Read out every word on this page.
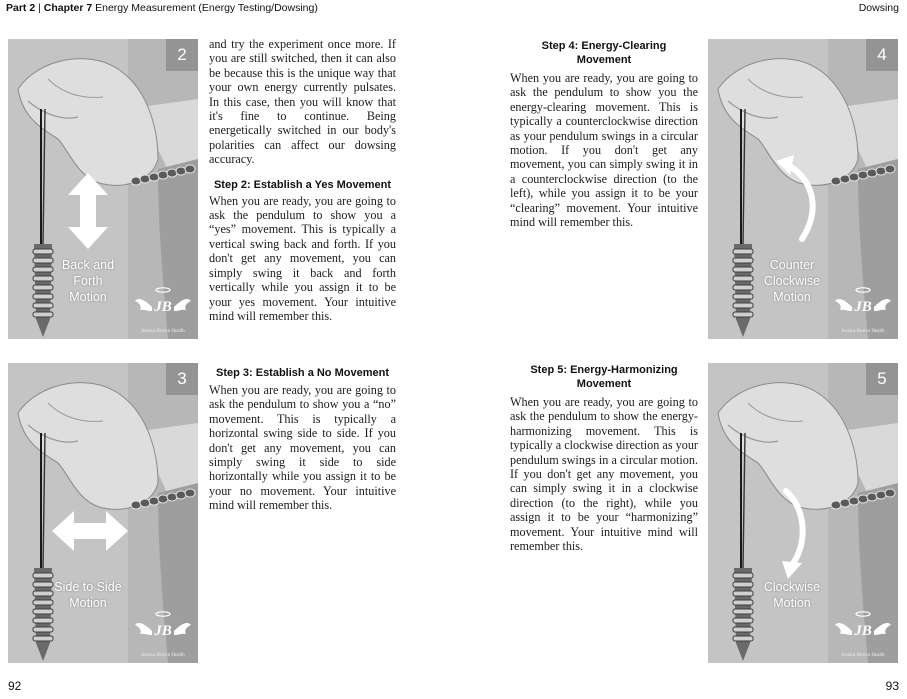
Part 2 | Chapter 7 Energy Measurement (Energy Testing/Dowsing)	Dowsing
2
Back and
Forth
Motion
JB
Jessica Brown Health
4
Counter
Clockwise
Motion
JB
Jessica Brown Health
3
Side to Side
Motion
JB
Jessica Brown Health
5
Clockwise
Motion
JB
Jessica Brown Health

and try the experiment once more. If you are still switched, then it can also be because this is the unique way that your own energy currently pulsates. In this case, then you will know that it's fine to continue. Being energetically switched in our body's polarities can affect our dowsing accuracy.

Step 2: Establish a Yes Movement

When you are ready, you are going to ask the pendulum to show you a “yes” movement. This is typically a vertical swing back and forth. If you don't get any movement, you can simply swing it back and forth vertically while you assign it to be your yes movement. Your intuitive mind will remember this.

Step 3: Establish a No Movement

When you are ready, you are going to ask the pendulum to show you a “no” movement. This is typically a horizontal swing side to side. If you don't get any movement, you can simply swing it side to side horizontally while you assign it to be your no movement. Your intuitive mind will remember this.

Step 4: Energy-Clearing Movement

When you are ready, you are going to ask the pendulum to show you the energy-clearing movement. This is typically a counterclockwise direction as your pendulum swings in a circular motion. If you don't get any movement, you can simply swing it in a counterclockwise direction (to the left), while you assign it to be your “clearing” movement. Your intuitive mind will remember this.

Step 5: Energy-Harmonizing Movement

When you are ready, you are going to ask the pendulum to show the energy-harmonizing movement. This is typically a clockwise direction as your pendulum swings in a circular motion. If you don't get any movement, you can simply swing it in a clockwise direction (to the right), while you assign it to be your “harmonizing” movement. Your intuitive mind will remember this.

92	93
